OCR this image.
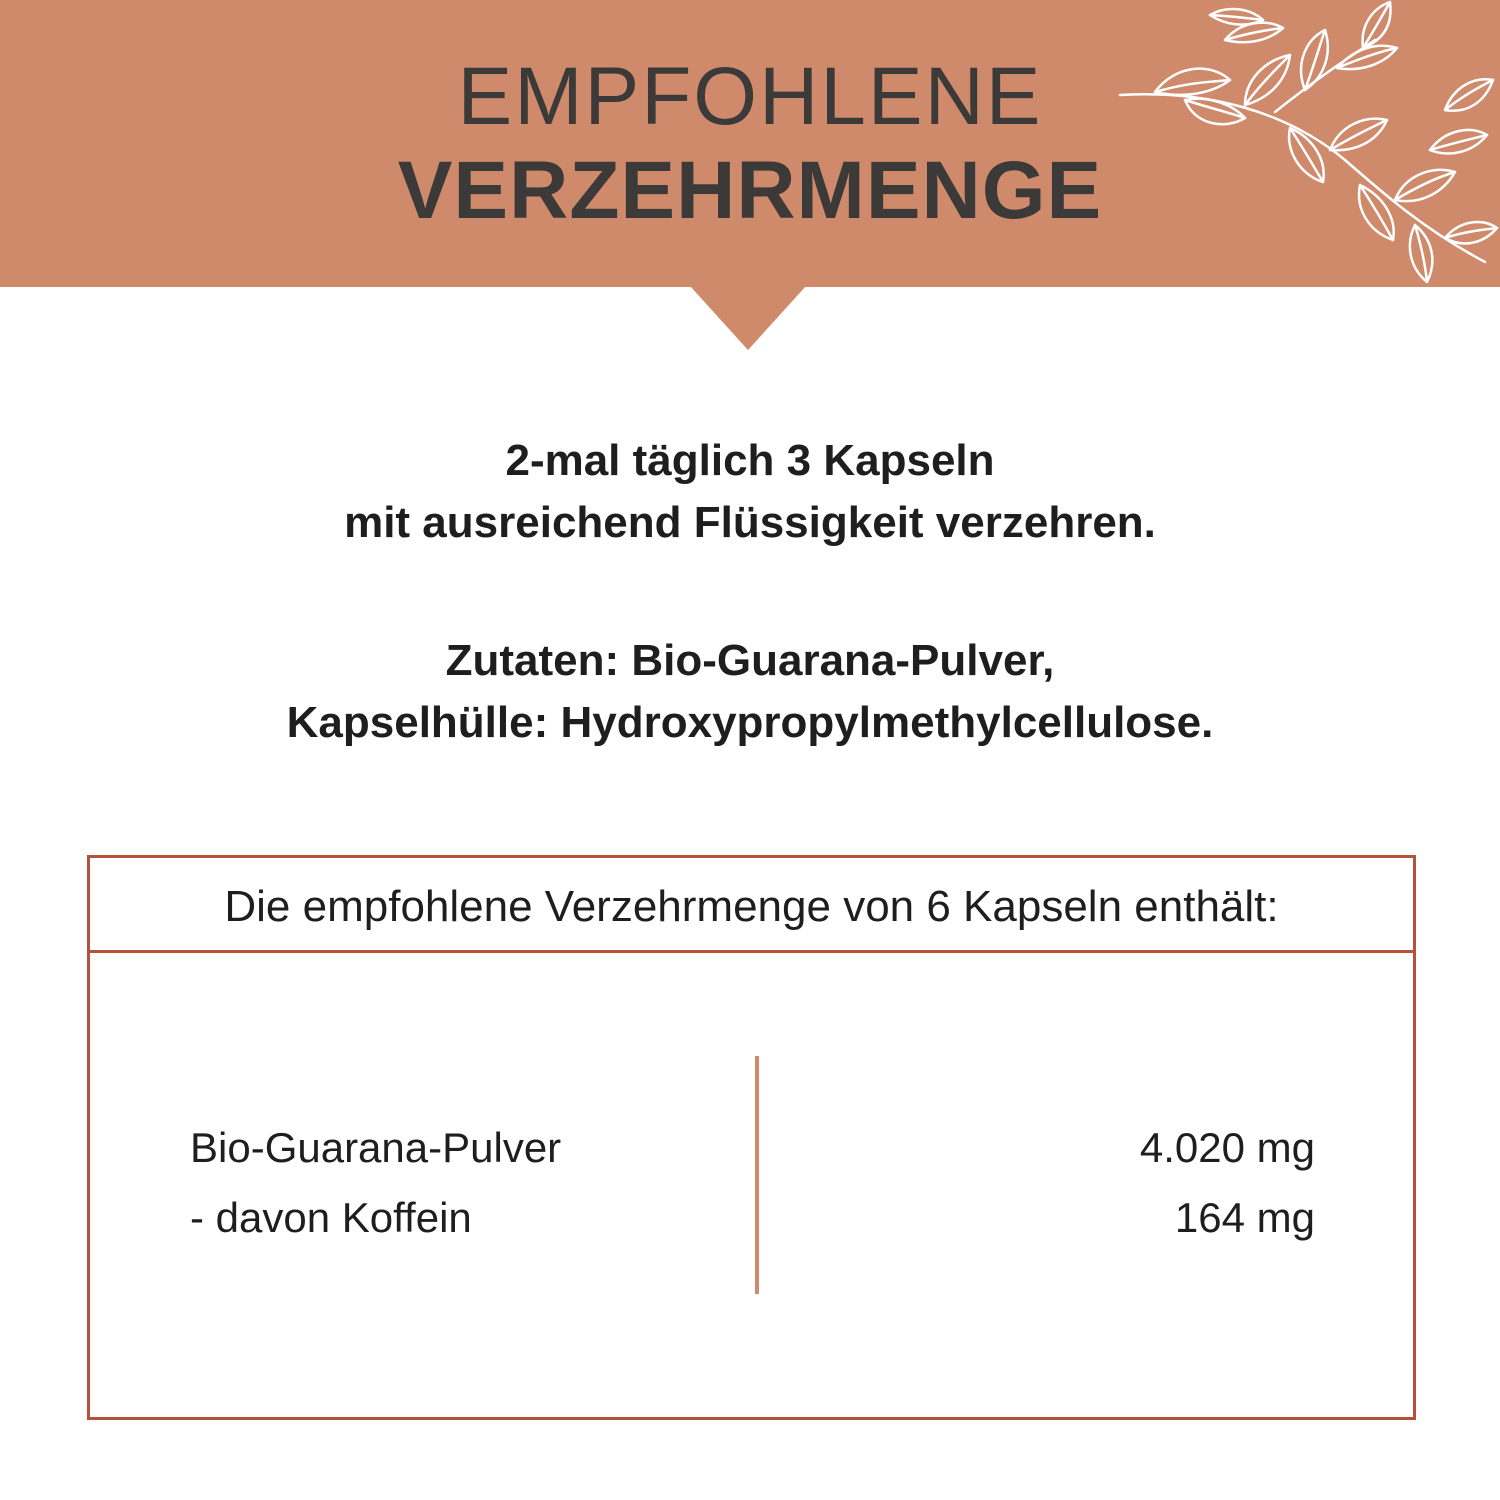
EMPFOHLENE
VERZEHRMENGE
2-mal täglich 3 Kapseln
mit ausreichend Flüssigkeit verzehren.
Zutaten: Bio-Guarana-Pulver,
Kapselhülle: Hydroxypropylmethylcellulose.
Die empfohlene Verzehrmenge von 6 Kapseln enthält:
Bio-Guarana-Pulver	4.020 mg
- davon Koffein	164 mg
